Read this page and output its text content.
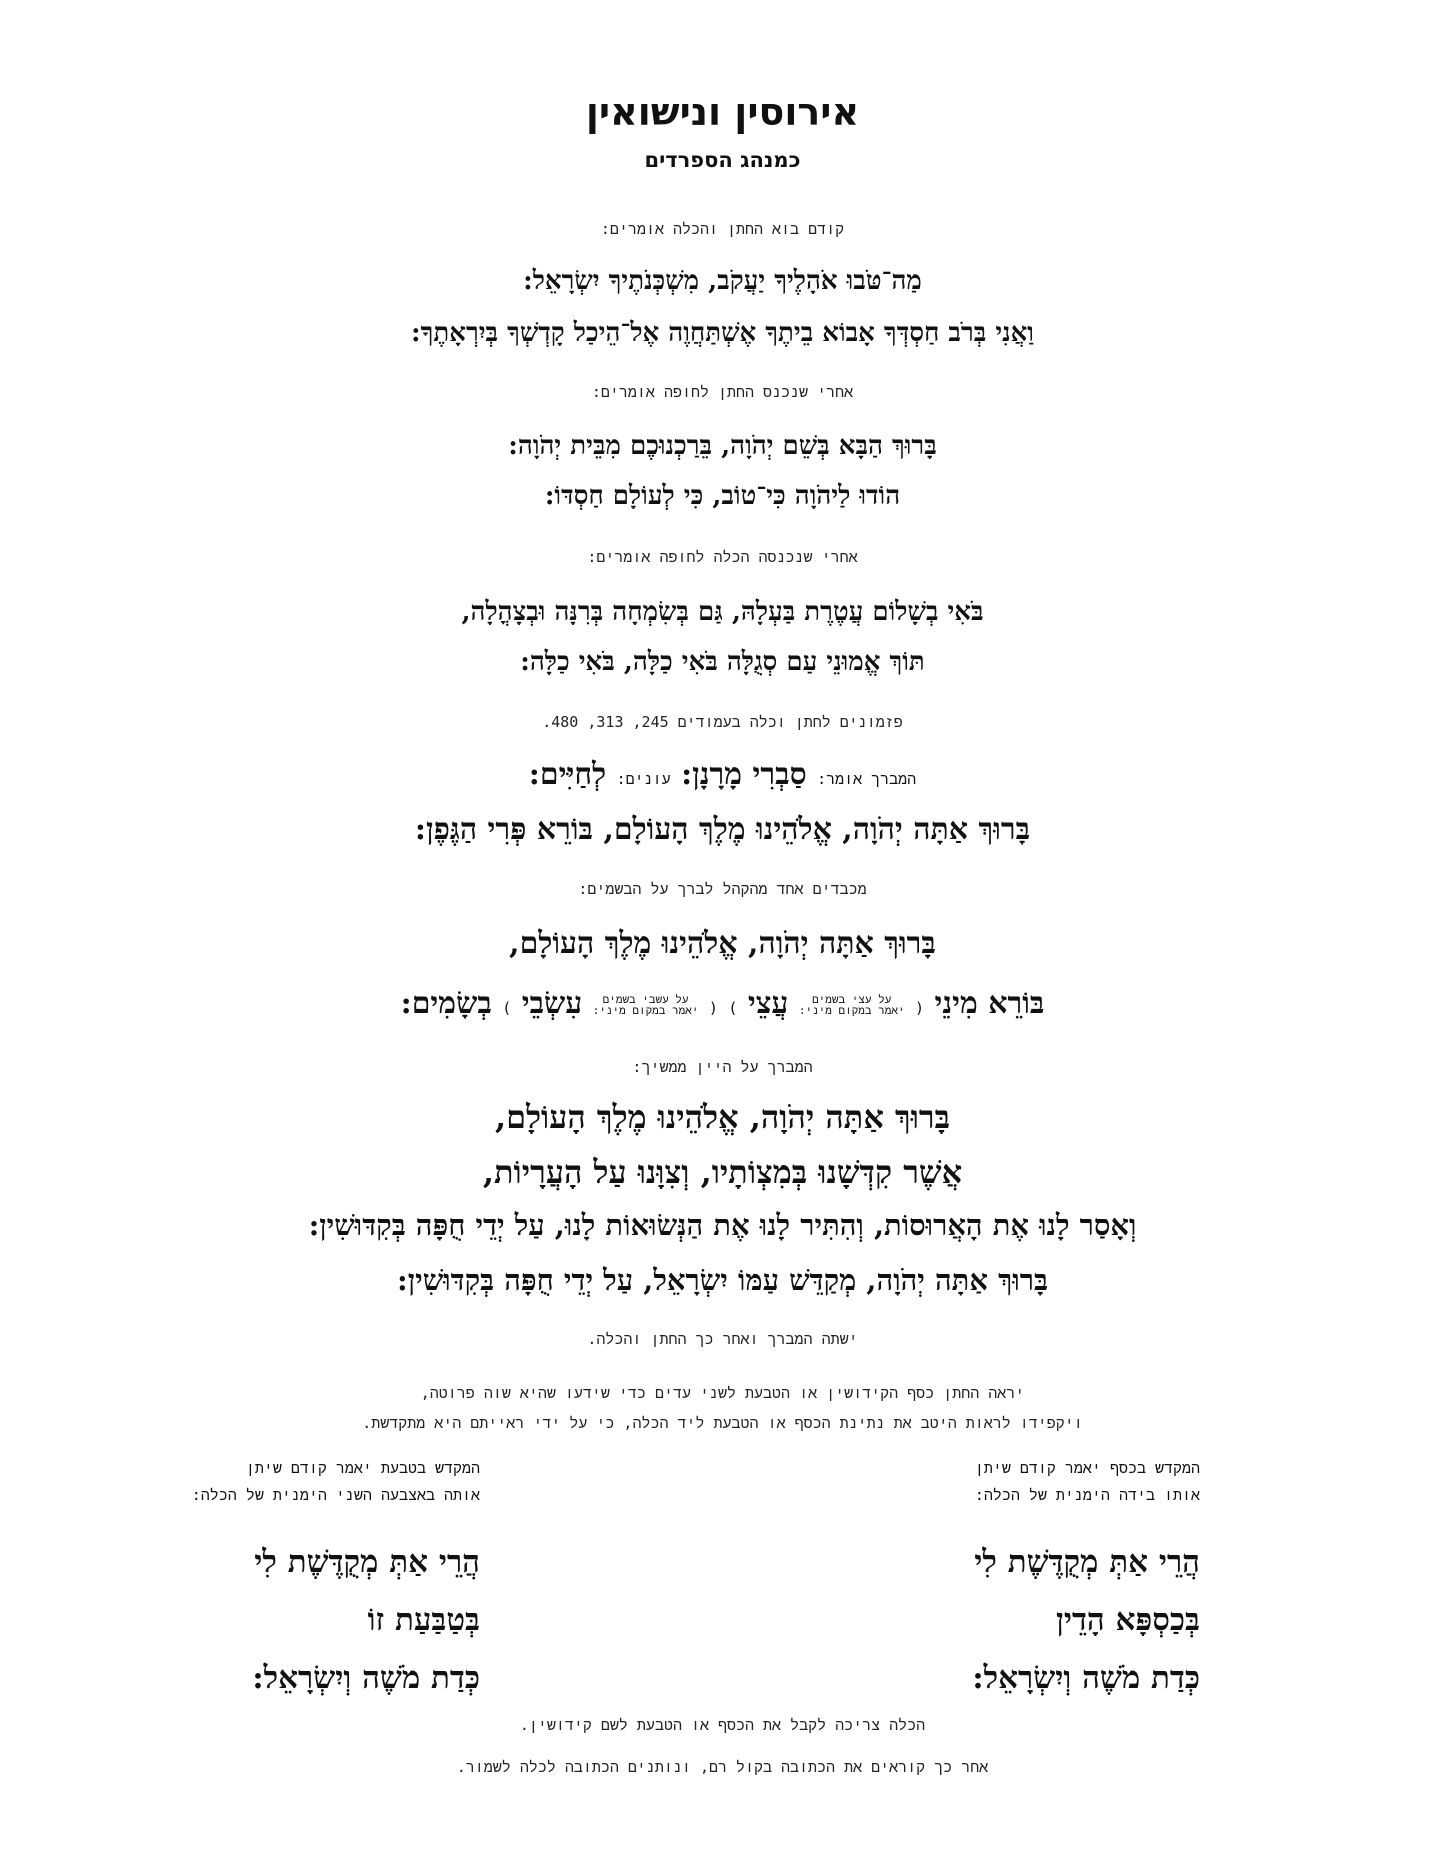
אירוסין ונישואין
כמנהג הספרדים
קודם בוא החתן והכלה אומרים:
מַה־טֹּבוּ אֹהָלֶיךָ יַעֲקֹב, מִשְׁכְּנֹתֶיךָ יִשְׂרָאֵל:
וַאֲנִי בְּרֹב חַסְדְּךָ אָבוֹא בֵיתֶךָ אֶשְׁתַּחֲוֶה אֶל־הֵיכַל קָדְשְׁךָ בְּיִרְאָתֶךָ:
אחרי שנכנס החתן לחופה אומרים:
בָּרוּךְ הַבָּא בְּשֵׁם יְהֹוָה, בֵּרַכְנוּכֶם מִבֵּית יְהֹוָה:
הוֹדוּ לַיהֹוָה כִּי־טוֹב, כִּי לְעוֹלָם חַסְדּוֹ:
אחרי שנכנסה הכלה לחופה אומרים:
בֹּאִי בְשָׁלוֹם עֲטֶרֶת בַּעְלָהּ, גַּם בְּשִׂמְחָה בְּרִנָּה וּבְצָהֳלָה,
תּוֹךְ אֱמוּנֵי עַם סְגֻלָּה בֹּאִי כַלָּה, בֹּאִי כַלָּה:
פזמונים לחתן וכלה בעמודים 245, 313, 480.
המברך אומר: סַבְרִי מָרָנָן: עונים: לְחַיִּים:
בָּרוּךְ אַתָּה יְהֹוָה, אֱלֹהֵינוּ מֶלֶךְ הָעוֹלָם, בּוֹרֵא פְּרִי הַגֶּפֶן:
מכבדים אחד מהקהל לברך על הבשמים:
בָּרוּךְ אַתָּה יְהֹוָה, אֱלֹהֵינוּ מֶלֶךְ הָעוֹלָם,
בּוֹרֵא מִינֵי ( על עצי בשמים
יאמר במקום מיני: עֲצֵי ) ( על עשבי בשמים
יאמר במקום מיני: עִשְׂבֵי ) בְשָׂמִים:
המברך על היין ממשיך:
בָּרוּךְ אַתָּה יְהֹוָה, אֱלֹהֵינוּ מֶלֶךְ הָעוֹלָם,
אֲשֶׁר קִדְּשָׁנוּ בְּמִצְוֹתָיו, וְצִוָּנוּ עַל הָעֲרָיוֹת,
וְאָסַר לָנוּ אֶת הָאֲרוּסוֹת, וְהִתִּיר לָנוּ אֶת הַנְּשׂוּאוֹת לָנוּ, עַל יְדֵי חֻפָּה בְּקִדּוּשִׁין:
בָּרוּךְ אַתָּה יְהֹוָה, מְקַדֵּשׁ עַמּוֹ יִשְׂרָאֵל, עַל יְדֵי חֻפָּה בְּקִדּוּשִׁין:
ישתה המברך ואחר כך החתן והכלה.
יראה החתן כסף הקידושין או הטבעת לשני עדים כדי שידעו שהיא שוה פרוטה,
ויקפידו לראות היטב את נתינת הכסף או הטבעת ליד הכלה, כי על ידי ראייתם היא מתקדשת.
המקדש בכסף יאמר קודם שיתן
אותו בידה הימנית של הכלה:
הֲרֵי אַתְּ מְקֻדֶּשֶׁת לִי
בְּכַסְפָּא הָדֵין
כְּדַת מֹשֶׁה וְיִשְׂרָאֵל:
המקדש בטבעת יאמר קודם שיתן
אותה באצבעה השני הימנית של הכלה:
הֲרֵי אַתְּ מְקֻדֶּשֶׁת לִי
בְּטַבַּעַת זוֹ
כְּדַת מֹשֶׁה וְיִשְׂרָאֵל:
הכלה צריכה לקבל את הכסף או הטבעת לשם קידושין.
אחר כך קוראים את הכתובה בקול רם, ונותנים הכתובה לכלה לשמור.
